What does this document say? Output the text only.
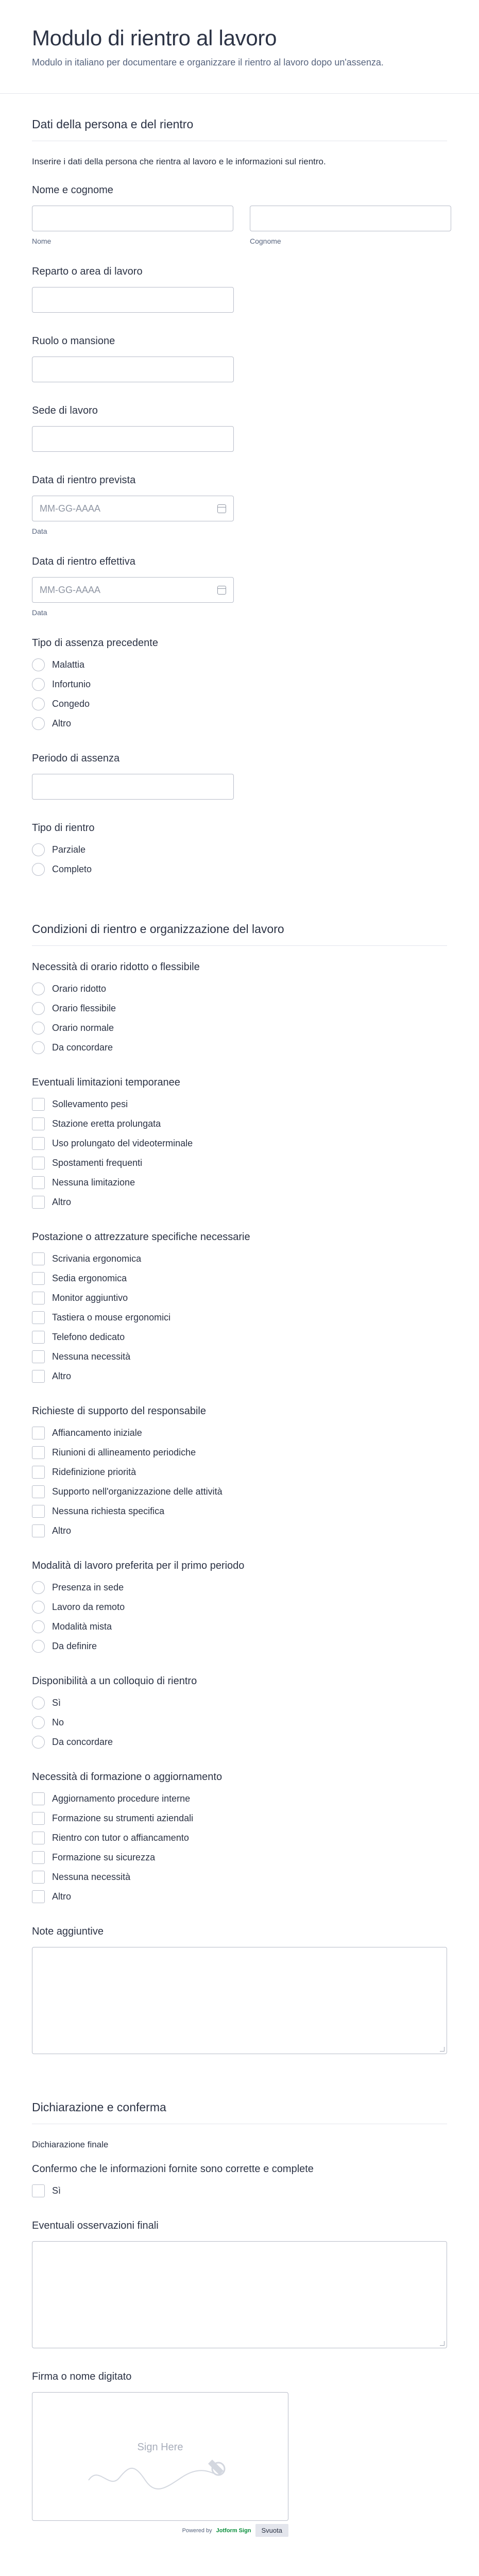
Modulo di rientro al lavoro

Modulo in italiano per documentare e organizzare il rientro al lavoro dopo un'assenza.

Dati della persona e del rientro
Inserire i dati della persona che rientra al lavoro e le informazioni sul rientro.
Nome e cognome
Nome	Cognome
Reparto o area di lavoro
Ruolo o mansione
Sede di lavoro
Data di rientro prevista
MM-GG-AAAA
Data
Data di rientro effettiva
MM-GG-AAAA
Data
Tipo di assenza precedente
Malattia
Infortunio
Congedo
Altro
Periodo di assenza
Tipo di rientro
Parziale
Completo
Condizioni di rientro e organizzazione del lavoro
Necessità di orario ridotto o flessibile
Orario ridotto
Orario flessibile
Orario normale
Da concordare
Eventuali limitazioni temporanee
Sollevamento pesi
Stazione eretta prolungata
Uso prolungato del videoterminale
Spostamenti frequenti
Nessuna limitazione
Altro
Postazione o attrezzature specifiche necessarie
Scrivania ergonomica
Sedia ergonomica
Monitor aggiuntivo
Tastiera o mouse ergonomici
Telefono dedicato
Nessuna necessità
Altro
Richieste di supporto del responsabile
Affiancamento iniziale
Riunioni di allineamento periodiche
Ridefinizione priorità
Supporto nell'organizzazione delle attività
Nessuna richiesta specifica
Altro
Modalità di lavoro preferita per il primo periodo
Presenza in sede
Lavoro da remoto
Modalità mista
Da definire
Disponibilità a un colloquio di rientro
Sì
No
Da concordare
Necessità di formazione o aggiornamento
Aggiornamento procedure interne
Formazione su strumenti aziendali
Rientro con tutor o affiancamento
Formazione su sicurezza
Nessuna necessità
Altro
Note aggiuntive
Dichiarazione e conferma
Dichiarazione finale
Confermo che le informazioni fornite sono corrette e complete
Sì
Eventuali osservazioni finali
Firma o nome digitato
Sign Here
Powered by Jotform Sign	Svuota
